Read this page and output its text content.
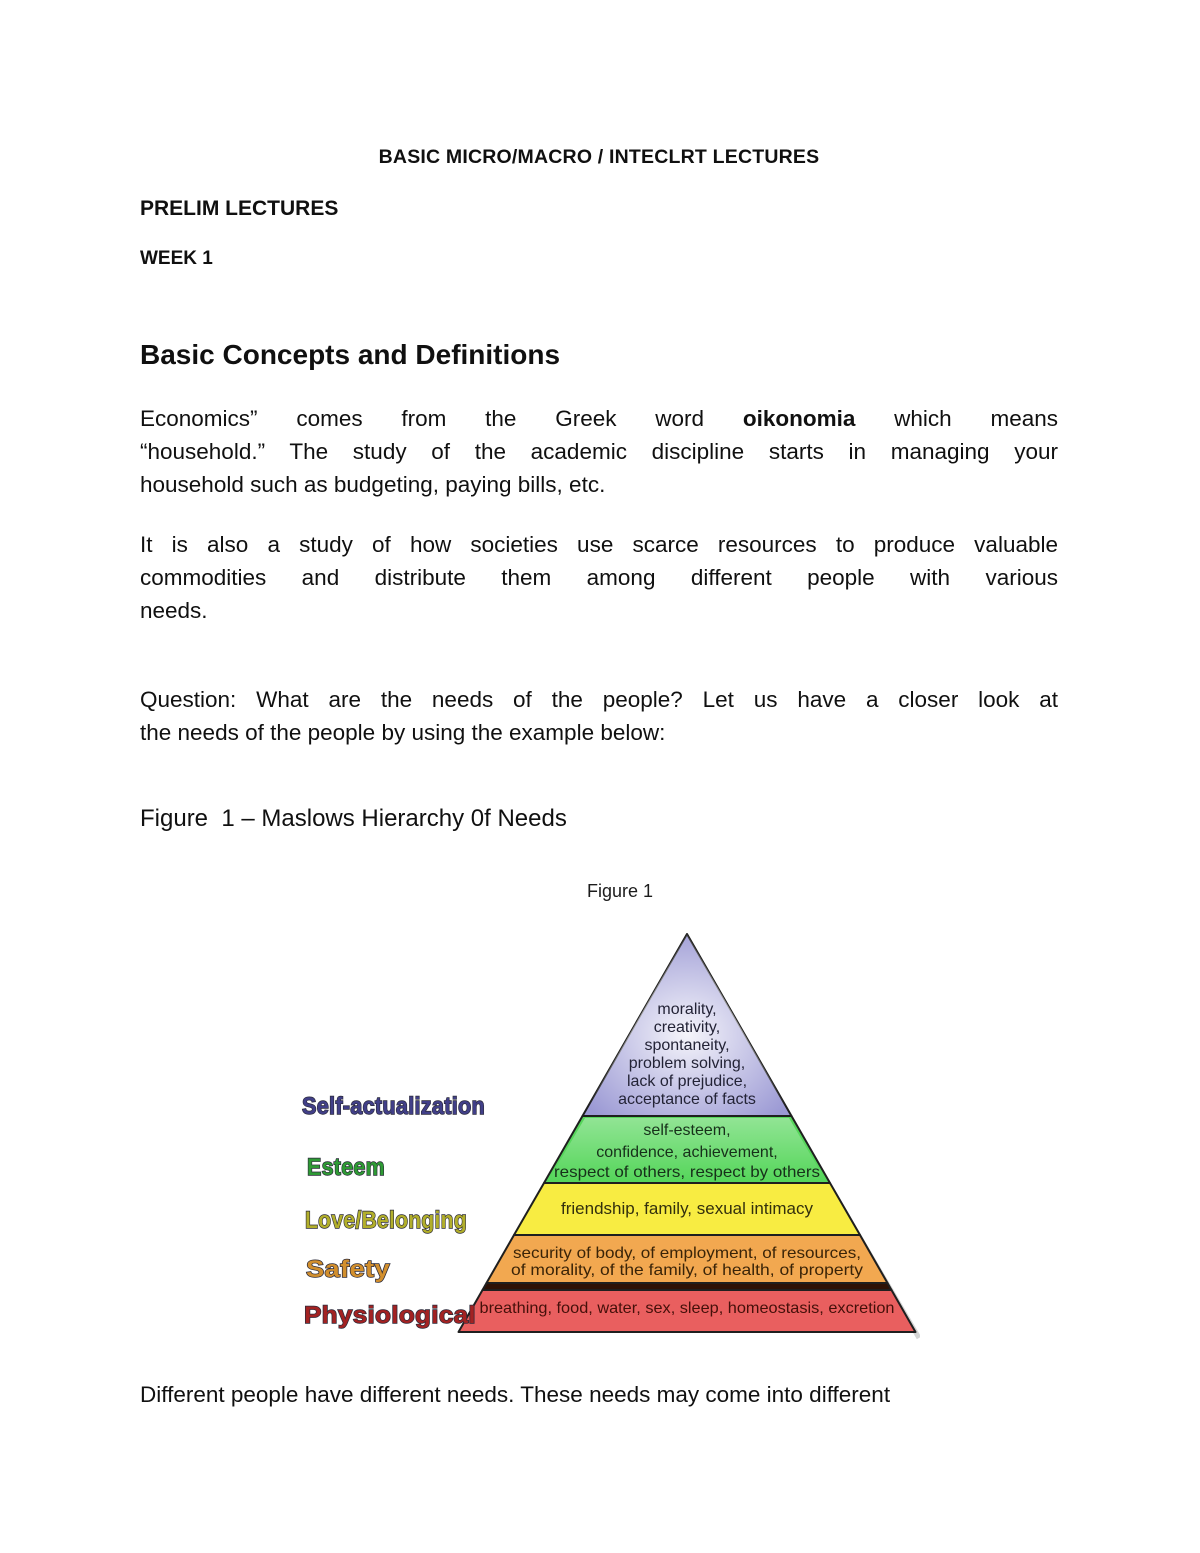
BASIC MICRO/MACRO / INTECLRT LECTURES
PRELIM LECTURES
WEEK 1
Basic Concepts and Definitions
Economics” comes from the Greek word oikonomia which means
“household.” The study of the academic discipline starts in managing your
household such as budgeting, paying bills, etc.
It is also a study of how societies use scarce resources to produce valuable
commodities and distribute them among different people with various
needs.
Question: What are the needs of the people? Let us have a closer look at
the needs of the people by using the example below:
Figure  1 – Maslows Hierarchy 0f Needs
Figure 1
morality,
creativity,
spontaneity,
problem solving,
lack of prejudice,
acceptance of facts
self-esteem,
confidence, achievement,
respect of others, respect by others
friendship, family, sexual intimacy
security of body, of employment, of resources,
of morality, of the family, of health, of property
breathing, food, water, sex, sleep, homeostasis, excretion
Self-actualization
Esteem
Love/Belonging
Safety
Physiological
Different people have different needs. These needs may come into different
